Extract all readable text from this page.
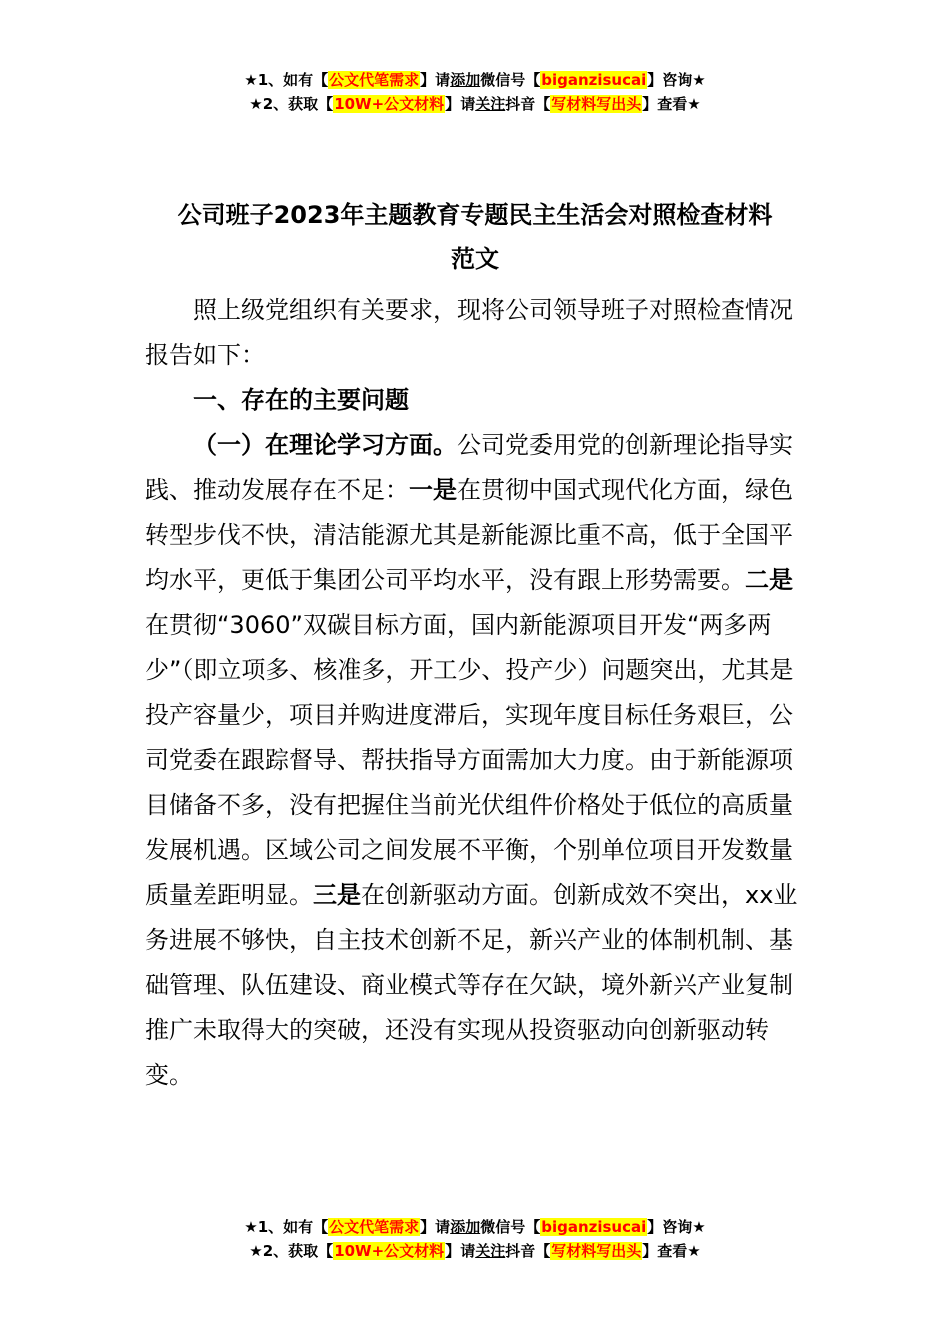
★1、如有【公文代笔需求】请添加微信号【biganzisucai】咨询★
★2、获取【10W+公文材料】请关注抖音【写材料写出头】查看★
公司班子2023年主题教育专题民主生活会对照检查材料
范文

照上级党组织有关要求，现将公司领导班子对照检查情况报告如下：

一、存在的主要问题

（一）在理论学习方面。公司党委用党的创新理论指导实践、推动发展存在不足：一是在贯彻中国式现代化方面，绿色转型步伐不快，清洁能源尤其是新能源比重不高，低于全国平均水平，更低于集团公司平均水平，没有跟上形势需要。二是在贯彻“3060”双碳目标方面，国内新能源项目开发“两多两少”（即立项多、核准多，开工少、投产少）问题突出，尤其是投产容量少，项目并购进度滞后，实现年度目标任务艰巨，公司党委在跟踪督导、帮扶指导方面需加大力度。由于新能源项目储备不多，没有把握住当前光伏组件价格处于低位的高质量发展机遇。区域公司之间发展不平衡，个别单位项目开发数量质量差距明显。三是在创新驱动方面。创新成效不突出，xx业务进展不够快，自主技术创新不足，新兴产业的体制机制、基础管理、队伍建设、商业模式等存在欠缺，境外新兴产业复制推广未取得大的突破，还没有实现从投资驱动向创新驱动转变。

★1、如有【公文代笔需求】请添加微信号【biganzisucai】咨询★
★2、获取【10W+公文材料】请关注抖音【写材料写出头】查看★
